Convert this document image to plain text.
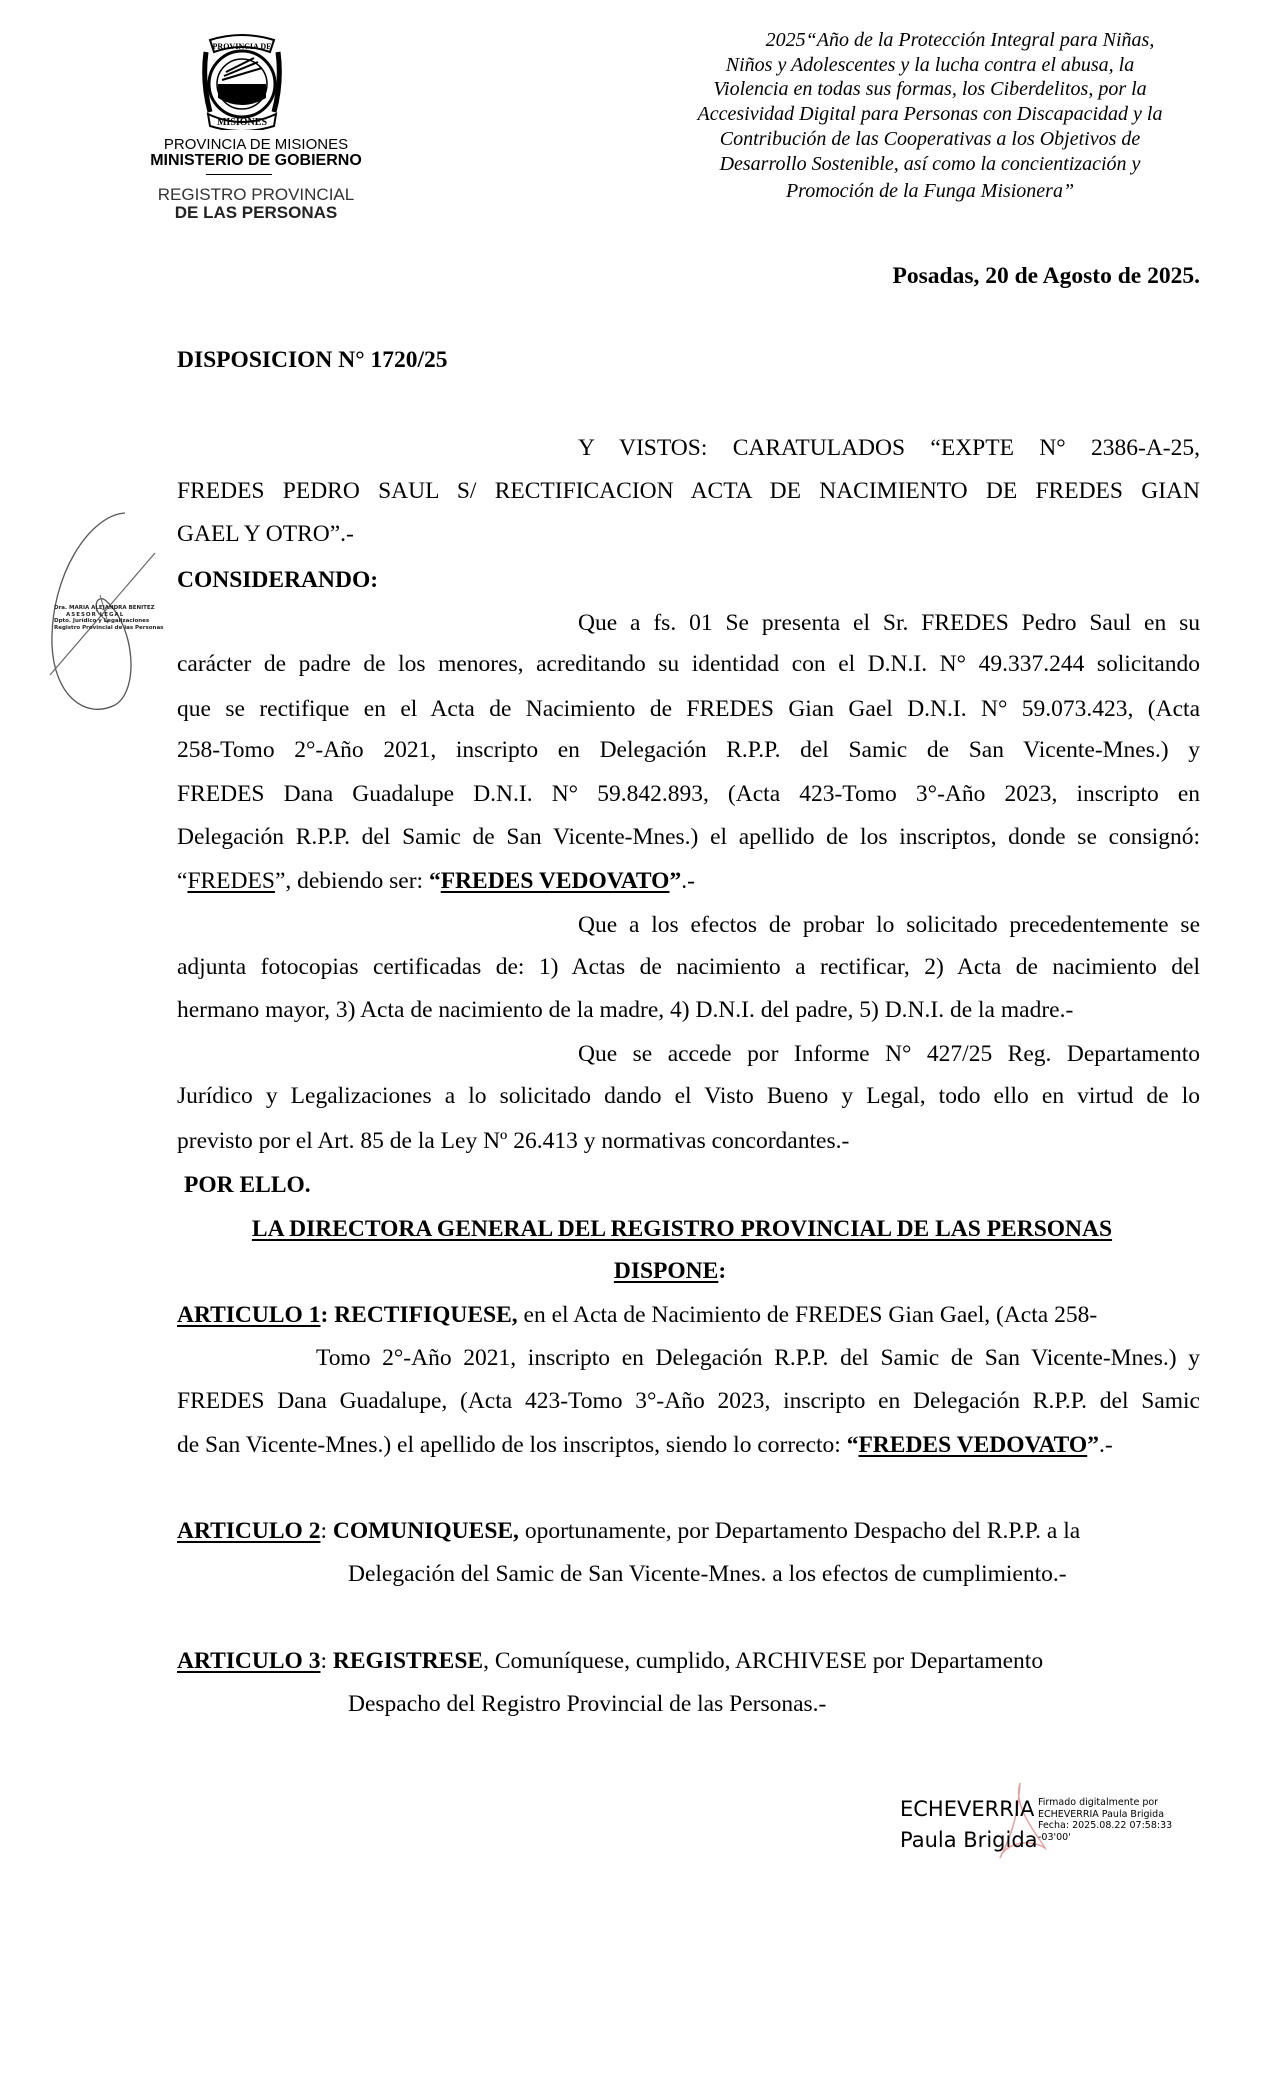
PROVINCIA DE
MISIONES
PROVINCIA DE MISIONES
MINISTERIO DE GOBIERNO
REGISTRO PROVINCIAL
DE LAS PERSONAS
2025“Año de la Protección Integral para Niñas,
Niños y Adolescentes y la lucha contra el abusa, la
Violencia en todas sus formas, los Ciberdelitos, por la
Accesividad Digital para Personas con Discapacidad y la
Contribución de las Cooperativas a los Objetivos de
Desarrollo Sostenible, así como la concientización y
Promoción de la Funga Misionera”
Dra. MARIA ALEJANDRA BENITEZ
ASESOR LEGAL
Dpto. Jurídico y Legalizaciones
Registro Provincial de las Personas
Posadas, 20 de Agosto de 2025.
DISPOSICION N° 1720/25
Y VISTOS: CARATULADOS “EXPTE N° 2386-A-25,
FREDES PEDRO SAUL S/ RECTIFICACION ACTA DE NACIMIENTO DE FREDES GIAN
GAEL Y OTRO”.-
CONSIDERANDO:
Que a fs. 01 Se presenta el Sr. FREDES Pedro Saul en su
carácter de padre de los menores, acreditando su identidad con el D.N.I. N° 49.337.244 solicitando
que se rectifique en el Acta de Nacimiento de FREDES Gian Gael D.N.I. N° 59.073.423, (Acta
258-Tomo 2°-Año 2021, inscripto en Delegación R.P.P. del Samic de San Vicente-Mnes.) y
FREDES Dana Guadalupe D.N.I. N° 59.842.893, (Acta 423-Tomo 3°-Año 2023, inscripto en
Delegación R.P.P. del Samic de San Vicente-Mnes.) el apellido de los inscriptos, donde se consignó:
“FREDES”, debiendo ser: “FREDES VEDOVATO”.-
Que a los efectos de probar lo solicitado precedentemente se
adjunta fotocopias certificadas de: 1) Actas de nacimiento a rectificar, 2) Acta de nacimiento del
hermano mayor, 3) Acta de nacimiento de la madre, 4) D.N.I. del padre, 5) D.N.I. de la madre.-
Que se accede por Informe N° 427/25 Reg. Departamento
Jurídico y Legalizaciones a lo solicitado dando el Visto Bueno y Legal, todo ello en virtud de lo
previsto por el Art. 85 de la Ley Nº 26.413 y normativas concordantes.-
POR ELLO.
LA DIRECTORA GENERAL DEL REGISTRO PROVINCIAL DE LAS PERSONAS
DISPONE:
ARTICULO 1: RECTIFIQUESE, en el Acta de Nacimiento de FREDES Gian Gael, (Acta 258-
Tomo 2°-Año 2021, inscripto en Delegación R.P.P. del Samic de San Vicente-Mnes.) y
FREDES Dana Guadalupe, (Acta 423-Tomo 3°-Año 2023, inscripto en Delegación R.P.P. del Samic
de San Vicente-Mnes.) el apellido de los inscriptos, siendo lo correcto: “FREDES VEDOVATO”.-
ARTICULO 2: COMUNIQUESE, oportunamente, por Departamento Despacho del R.P.P. a la
Delegación del Samic de San Vicente-Mnes. a los efectos de cumplimiento.-
ARTICULO 3: REGISTRESE, Comuníquese, cumplido, ARCHIVESE por Departamento
Despacho del Registro Provincial de las Personas.-
ECHEVERRIA
Paula Brigida
Firmado digitalmente por
ECHEVERRIA Paula Brigida
Fecha: 2025.08.22 07:58:33
-03'00'
